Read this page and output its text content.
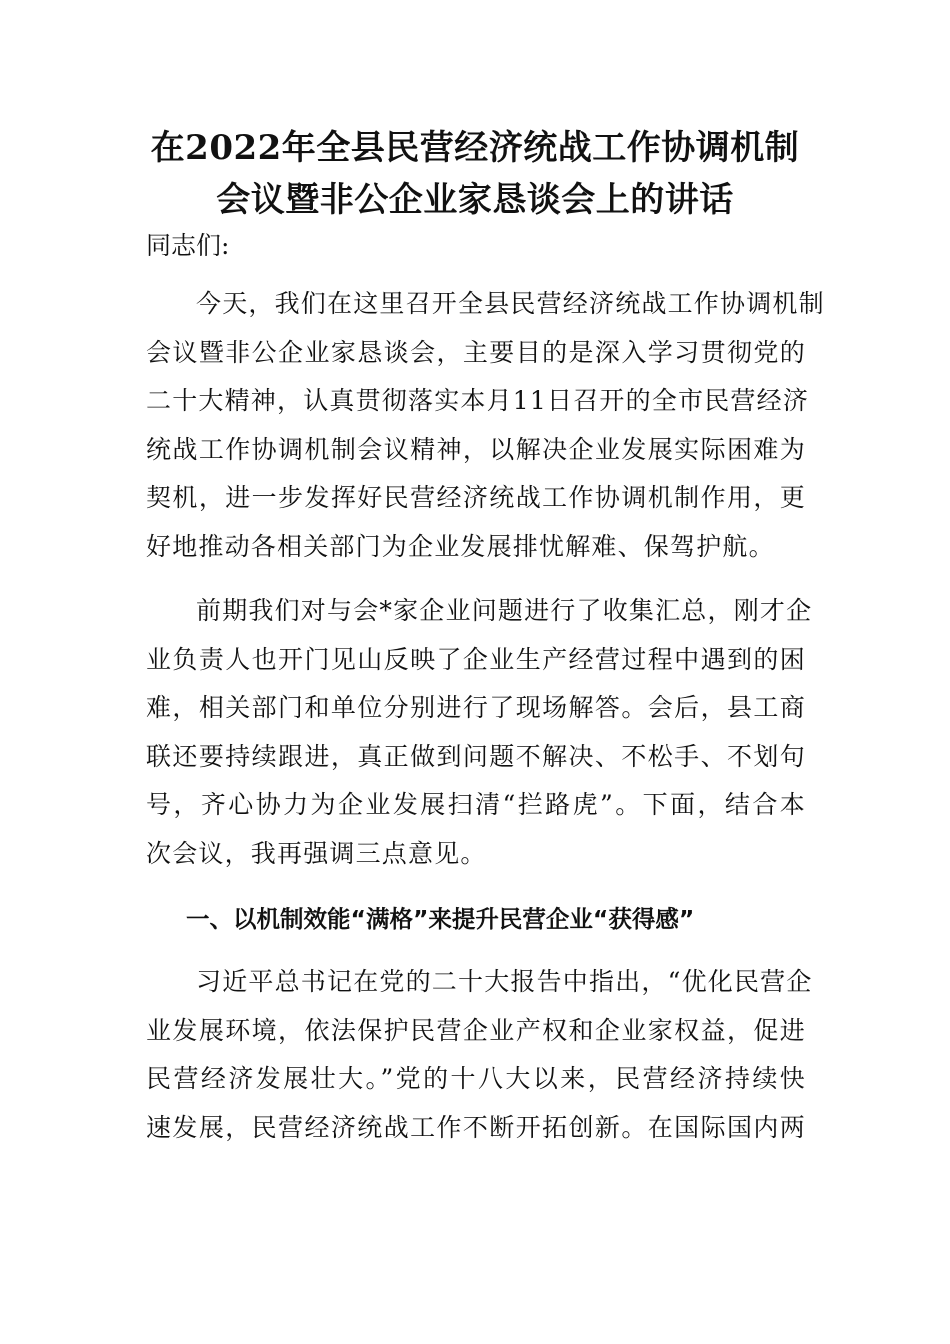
在2022年全县民营经济统战工作协调机制
会议暨非公企业家恳谈会上的讲话

同志们:

今天，我们在这里召开全县民营经济统战工作协调机制
会议暨非公企业家恳谈会，主要目的是深入学习贯彻党的
二十大精神，认真贯彻落实本月11日召开的全市民营经济
统战工作协调机制会议精神，以解决企业发展实际困难为
契机，进一步发挥好民营经济统战工作协调机制作用，更
好地推动各相关部门为企业发展排忧解难、保驾护航。

前期我们对与会*家企业问题进行了收集汇总，刚才企
业负责人也开门见山反映了企业生产经营过程中遇到的困
难，相关部门和单位分别进行了现场解答。会后，县工商
联还要持续跟进，真正做到问题不解决、不松手、不划句
号，齐心协力为企业发展扫清“拦路虎”。下面，结合本
次会议，我再强调三点意见。

一、以机制效能“满格”来提升民营企业“获得感”

习近平总书记在党的二十大报告中指出，“优化民营企
业发展环境，依法保护民营企业产权和企业家权益，促进
民营经济发展壮大。”党的十八大以来，民营经济持续快
速发展，民营经济统战工作不断开拓创新。在国际国内两
